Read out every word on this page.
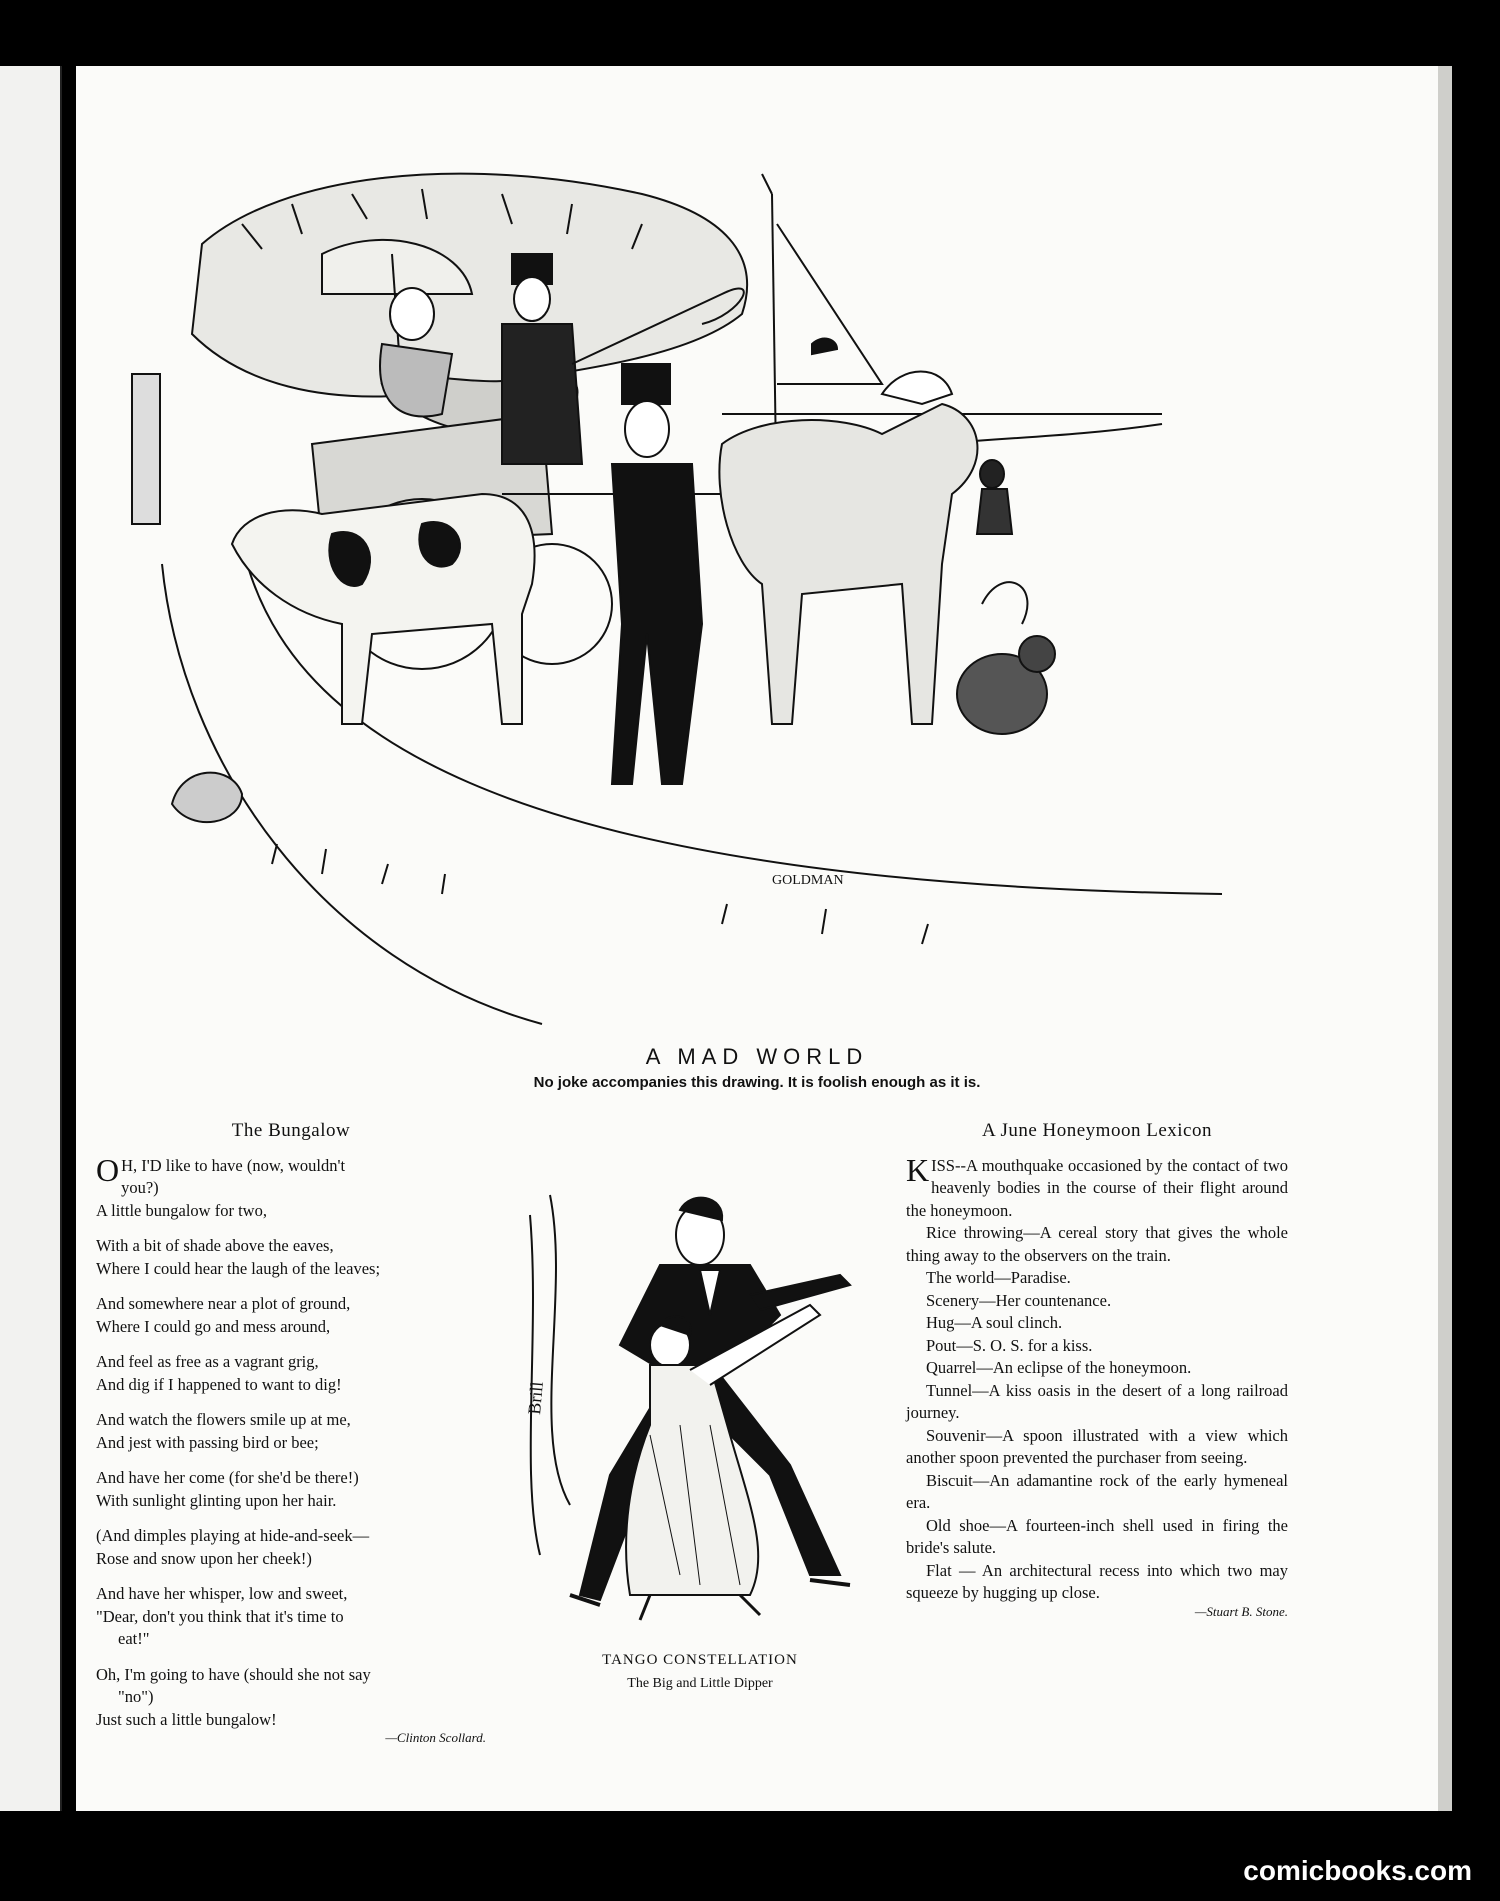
GOLDMAN
A MAD WORLD
No joke accompanies this drawing. It is foolish enough as it is.
The Bungalow
O H, I'D like to have (now, wouldn't
you?)
A little bungalow for two,
With a bit of shade above the eaves,
Where I could hear the laugh of the leaves;
And somewhere near a plot of ground,
Where I could go and mess around,
And feel as free as a vagrant grig,
And dig if I happened to want to dig!
And watch the flowers smile up at me,
And jest with passing bird or bee;
And have her come (for she'd be there!)
With sunlight glinting upon her hair.
(And dimples playing at hide-and-seek—
Rose and snow upon her cheek!)
And have her whisper, low and sweet,
"Dear, don't you think that it's time to
eat!"
Oh, I'm going to have (should she not say
"no")
Just such a little bungalow!
—Clinton Scollard.
Brill
TANGO CONSTELLATION
The Big and Little Dipper
A June Honeymoon Lexicon

KISS--A mouthquake occasioned by the contact of two heavenly bodies in the course of their flight around the honeymoon.

Rice throwing—A cereal story that gives the whole thing away to the observers on the train.

The world—Paradise.

Scenery—Her countenance.

Hug—A soul clinch.

Pout—S. O. S. for a kiss.

Quarrel—An eclipse of the honeymoon.

Tunnel—A kiss oasis in the desert of a long railroad journey.

Souvenir—A spoon illustrated with a view which another spoon prevented the purchaser from seeing.

Biscuit—An adamantine rock of the early hymeneal era.

Old shoe—A fourteen-inch shell used in firing the bride's salute.

Flat — An architectural recess into which two may squeeze by hugging up close.

—Stuart B. Stone.
comicbooks.com
